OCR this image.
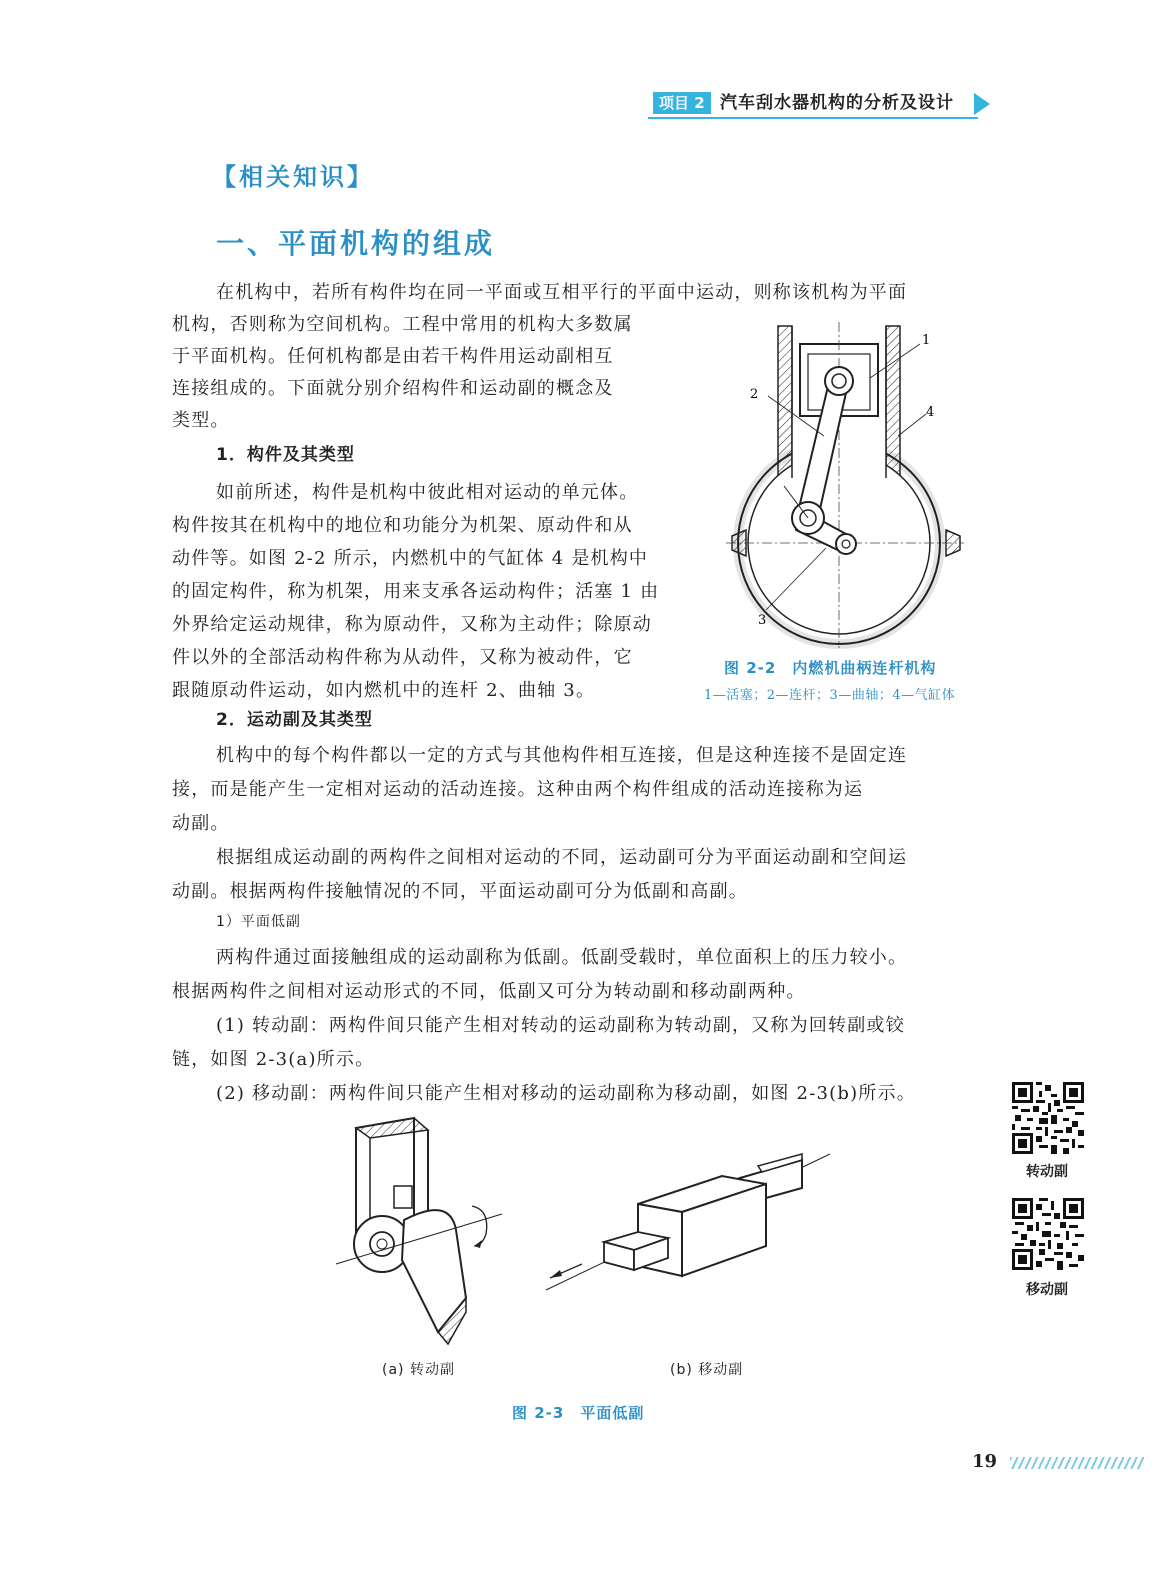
项目 2 汽车刮水器机构的分析及设计
【相关知识】
一、平面机构的组成
在机构中，若所有构件均在同一平面或互相平行的平面中运动，则称该机构为平面
机构，否则称为空间机构。工程中常用的机构大多数属
于平面机构。任何机构都是由若干构件用运动副相互
连接组成的。下面就分别介绍构件和运动副的概念及
类型。
1．构件及其类型
如前所述，构件是机构中彼此相对运动的单元体。
构件按其在机构中的地位和功能分为机架、原动件和从
动件等。如图 2-2 所示，内燃机中的气缸体 4 是机构中
的固定构件，称为机架，用来支承各运动构件；活塞 1 由
外界给定运动规律，称为原动件，又称为主动件；除原动
件以外的全部活动构件称为从动件，又称为被动件，它
跟随原动件运动，如内燃机中的连杆 2、曲轴 3。
1
2
4
3
图 2-2　内燃机曲柄连杆机构
1—活塞；2—连杆；3—曲轴；4—气缸体
2．运动副及其类型
机构中的每个构件都以一定的方式与其他构件相互连接，但是这种连接不是固定连
接，而是能产生一定相对运动的活动连接。这种由两个构件组成的活动连接称为运
动副。
根据组成运动副的两构件之间相对运动的不同，运动副可分为平面运动副和空间运
动副。根据两构件接触情况的不同，平面运动副可分为低副和高副。
1）平面低副
两构件通过面接触组成的运动副称为低副。低副受载时，单位面积上的压力较小。
根据两构件之间相对运动形式的不同，低副又可分为转动副和移动副两种。
(1) 转动副：两构件间只能产生相对转动的运动副称为转动副，又称为回转副或铰
链，如图 2-3(a)所示。
(2) 移动副：两构件间只能产生相对移动的运动副称为移动副，如图 2-3(b)所示。
(a) 转动副	(b) 移动副
图 2-3　平面低副
转动副
移动副
19
